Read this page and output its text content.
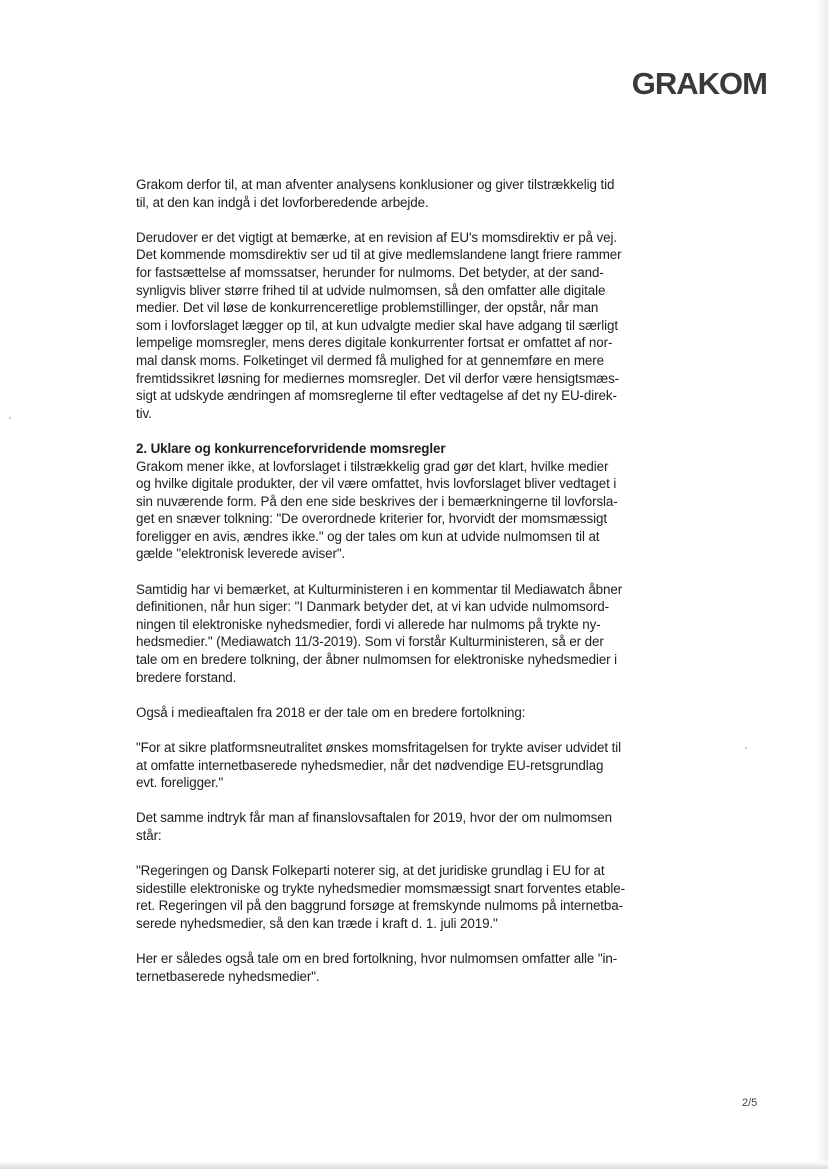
GRAKOM
Grakom derfor til, at man afventer analysens konklusioner og giver tilstrækkelig tid
til, at den kan indgå i det lovforberedende arbejde.
Derudover er det vigtigt at bemærke, at en revision af EU's momsdirektiv er på vej.
Det kommende momsdirektiv ser ud til at give medlemslandene langt friere rammer
for fastsættelse af momssatser, herunder for nulmoms. Det betyder, at der sand-
synligvis bliver større frihed til at udvide nulmomsen, så den omfatter alle digitale
medier. Det vil løse de konkurrenceretlige problemstillinger, der opstår, når man
som i lovforslaget lægger op til, at kun udvalgte medier skal have adgang til særligt
lempelige momsregler, mens deres digitale konkurrenter fortsat er omfattet af nor-
mal dansk moms. Folketinget vil dermed få mulighed for at gennemføre en mere
fremtidssikret løsning for mediernes momsregler. Det vil derfor være hensigtsmæs-
sigt at udskyde ændringen af momsreglerne til efter vedtagelse af det ny EU-direk-
tiv.
2. Uklare og konkurrenceforvridende momsregler
Grakom mener ikke, at lovforslaget i tilstrækkelig grad gør det klart, hvilke medier
og hvilke digitale produkter, der vil være omfattet, hvis lovforslaget bliver vedtaget i
sin nuværende form. På den ene side beskrives der i bemærkningerne til lovforsla-
get en snæver tolkning: "De overordnede kriterier for, hvorvidt der momsmæssigt
foreligger en avis, ændres ikke." og der tales om kun at udvide nulmomsen til at
gælde "elektronisk leverede aviser".
Samtidig har vi bemærket, at Kulturministeren i en kommentar til Mediawatch åbner
definitionen, når hun siger: "I Danmark betyder det, at vi kan udvide nulmomsord-
ningen til elektroniske nyhedsmedier, fordi vi allerede har nulmoms på trykte ny-
hedsmedier." (Mediawatch 11/3-2019). Som vi forstår Kulturministeren, så er der
tale om en bredere tolkning, der åbner nulmomsen for elektroniske nyhedsmedier i
bredere forstand.
Også i medieaftalen fra 2018 er der tale om en bredere fortolkning:
"For at sikre platformsneutralitet ønskes momsfritagelsen for trykte aviser udvidet til
at omfatte internetbaserede nyhedsmedier, når det nødvendige EU-retsgrundlag
evt. foreligger."
Det samme indtryk får man af finanslovsaftalen for 2019, hvor der om nulmomsen
står:
"Regeringen og Dansk Folkeparti noterer sig, at det juridiske grundlag i EU for at
sidestille elektroniske og trykte nyhedsmedier momsmæssigt snart forventes etable-
ret. Regeringen vil på den baggrund forsøge at fremskynde nulmoms på internetba-
serede nyhedsmedier, så den kan træde i kraft d. 1. juli 2019."
Her er således også tale om en bred fortolkning, hvor nulmomsen omfatter alle "in-
ternetbaserede nyhedsmedier".
2/5
